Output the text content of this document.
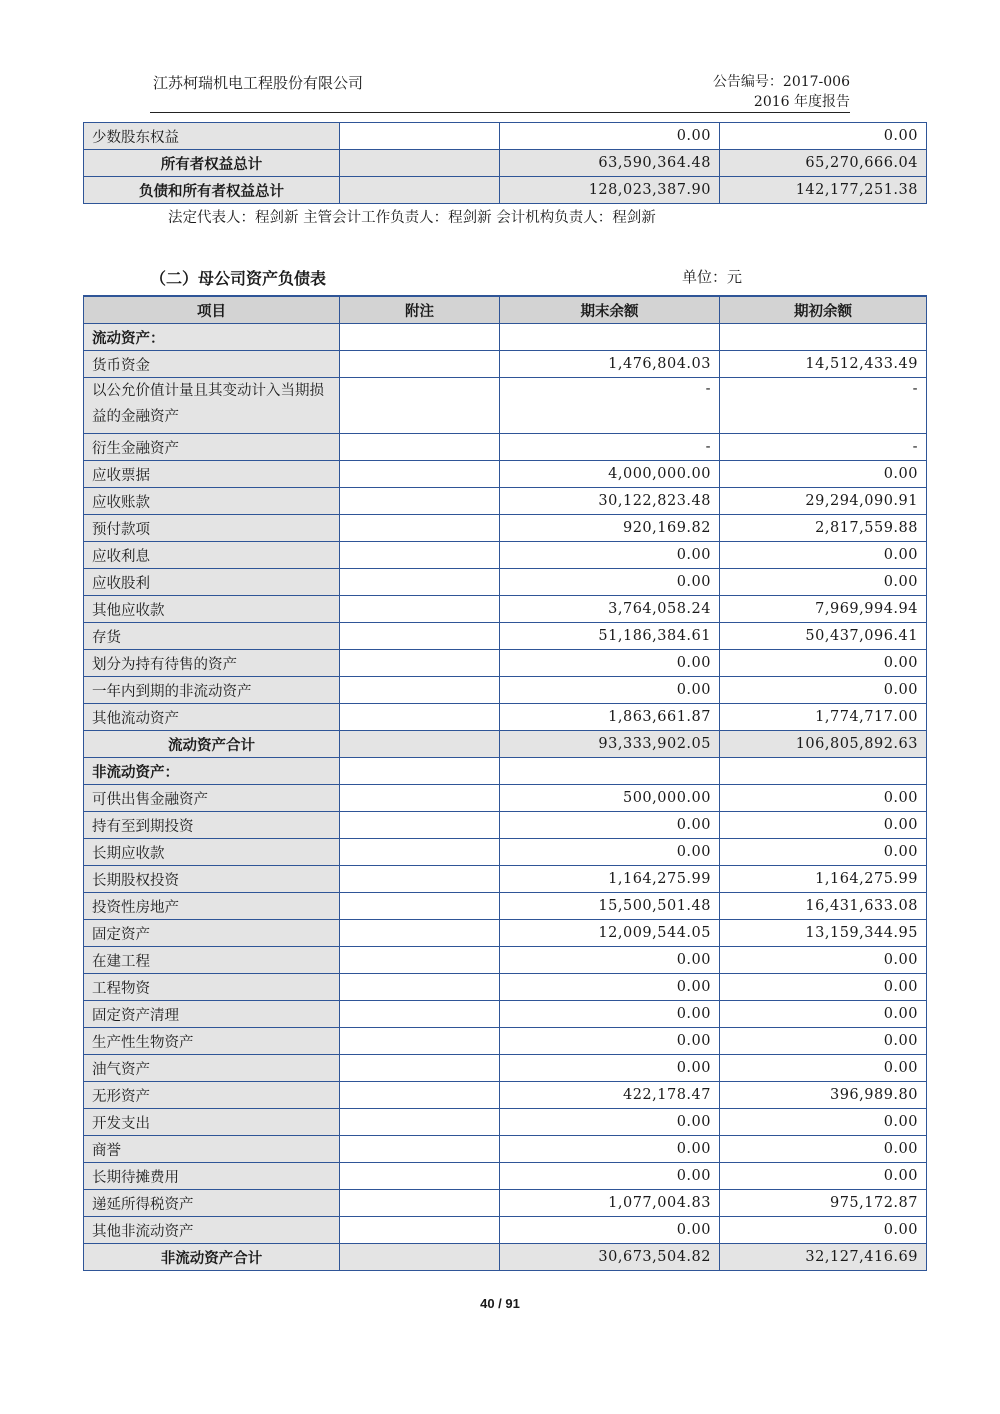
江苏柯瑞机电工程股份有限公司	公告编号：2017-006
2016 年度报告
少数股东权益		0.00	0.00
所有者权益总计		63,590,364.48	65,270,666.04
负债和所有者权益总计		128,023,387.90	142,177,251.38
法定代表人：程剑新 主管会计工作负责人：程剑新 会计机构负责人：程剑新
（二）母公司资产负债表	单位：元
项目	附注	期末余额	期初余额
流动资产：			
货币资金		1,476,804.03	14,512,433.49
以公允价值计量且其变动计入当期损益的金融资产		-	-
衍生金融资产		-	-
应收票据		4,000,000.00	0.00
应收账款		30,122,823.48	29,294,090.91
预付款项		920,169.82	2,817,559.88
应收利息		0.00	0.00
应收股利		0.00	0.00
其他应收款		3,764,058.24	7,969,994.94
存货		51,186,384.61	50,437,096.41
划分为持有待售的资产		0.00	0.00
一年内到期的非流动资产		0.00	0.00
其他流动资产		1,863,661.87	1,774,717.00
流动资产合计		93,333,902.05	106,805,892.63
非流动资产：			
可供出售金融资产		500,000.00	0.00
持有至到期投资		0.00	0.00
长期应收款		0.00	0.00
长期股权投资		1,164,275.99	1,164,275.99
投资性房地产		15,500,501.48	16,431,633.08
固定资产		12,009,544.05	13,159,344.95
在建工程		0.00	0.00
工程物资		0.00	0.00
固定资产清理		0.00	0.00
生产性生物资产		0.00	0.00
油气资产		0.00	0.00
无形资产		422,178.47	396,989.80
开发支出		0.00	0.00
商誉		0.00	0.00
长期待摊费用		0.00	0.00
递延所得税资产		1,077,004.83	975,172.87
其他非流动资产		0.00	0.00
非流动资产合计		30,673,504.82	32,127,416.69
40 / 91
